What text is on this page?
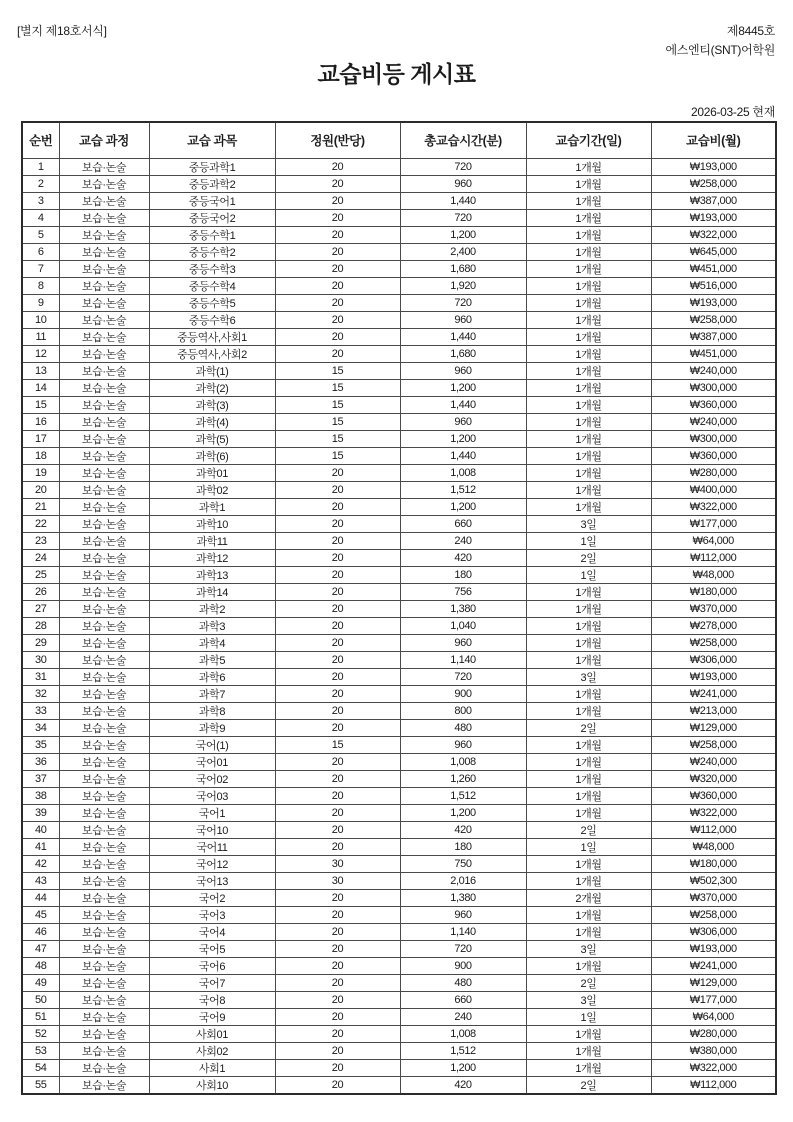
[별지 제18호서식]	제8445호
에스엔티(SNT)어학원
교습비등 게시표
2026-03-25 현재
순번	교습 과정	교습 과목	정원(반당)	총교습시간(분)	교습기간(일)	교습비(월)
1	보습·논술	중등과학1	20	720	1개월	₩193,000
2	보습·논술	중등과학2	20	960	1개월	₩258,000
3	보습·논술	중등국어1	20	1,440	1개월	₩387,000
4	보습·논술	중등국어2	20	720	1개월	₩193,000
5	보습·논술	중등수학1	20	1,200	1개월	₩322,000
6	보습·논술	중등수학2	20	2,400	1개월	₩645,000
7	보습·논술	중등수학3	20	1,680	1개월	₩451,000
8	보습·논술	중등수학4	20	1,920	1개월	₩516,000
9	보습·논술	중등수학5	20	720	1개월	₩193,000
10	보습·논술	중등수학6	20	960	1개월	₩258,000
11	보습·논술	중등역사,사회1	20	1,440	1개월	₩387,000
12	보습·논술	중등역사,사회2	20	1,680	1개월	₩451,000
13	보습·논술	과학(1)	15	960	1개월	₩240,000
14	보습·논술	과학(2)	15	1,200	1개월	₩300,000
15	보습·논술	과학(3)	15	1,440	1개월	₩360,000
16	보습·논술	과학(4)	15	960	1개월	₩240,000
17	보습·논술	과학(5)	15	1,200	1개월	₩300,000
18	보습·논술	과학(6)	15	1,440	1개월	₩360,000
19	보습·논술	과학01	20	1,008	1개월	₩280,000
20	보습·논술	과학02	20	1,512	1개월	₩400,000
21	보습·논술	과학1	20	1,200	1개월	₩322,000
22	보습·논술	과학10	20	660	3일	₩177,000
23	보습·논술	과학11	20	240	1일	₩64,000
24	보습·논술	과학12	20	420	2일	₩112,000
25	보습·논술	과학13	20	180	1일	₩48,000
26	보습·논술	과학14	20	756	1개월	₩180,000
27	보습·논술	과학2	20	1,380	1개월	₩370,000
28	보습·논술	과학3	20	1,040	1개월	₩278,000
29	보습·논술	과학4	20	960	1개월	₩258,000
30	보습·논술	과학5	20	1,140	1개월	₩306,000
31	보습·논술	과학6	20	720	3일	₩193,000
32	보습·논술	과학7	20	900	1개월	₩241,000
33	보습·논술	과학8	20	800	1개월	₩213,000
34	보습·논술	과학9	20	480	2일	₩129,000
35	보습·논술	국어(1)	15	960	1개월	₩258,000
36	보습·논술	국어01	20	1,008	1개월	₩240,000
37	보습·논술	국어02	20	1,260	1개월	₩320,000
38	보습·논술	국어03	20	1,512	1개월	₩360,000
39	보습·논술	국어1	20	1,200	1개월	₩322,000
40	보습·논술	국어10	20	420	2일	₩112,000
41	보습·논술	국어11	20	180	1일	₩48,000
42	보습·논술	국어12	30	750	1개월	₩180,000
43	보습·논술	국어13	30	2,016	1개월	₩502,300
44	보습·논술	국어2	20	1,380	2개월	₩370,000
45	보습·논술	국어3	20	960	1개월	₩258,000
46	보습·논술	국어4	20	1,140	1개월	₩306,000
47	보습·논술	국어5	20	720	3일	₩193,000
48	보습·논술	국어6	20	900	1개월	₩241,000
49	보습·논술	국어7	20	480	2일	₩129,000
50	보습·논술	국어8	20	660	3일	₩177,000
51	보습·논술	국어9	20	240	1일	₩64,000
52	보습·논술	사회01	20	1,008	1개월	₩280,000
53	보습·논술	사회02	20	1,512	1개월	₩380,000
54	보습·논술	사회1	20	1,200	1개월	₩322,000
55	보습·논술	사회10	20	420	2일	₩112,000
